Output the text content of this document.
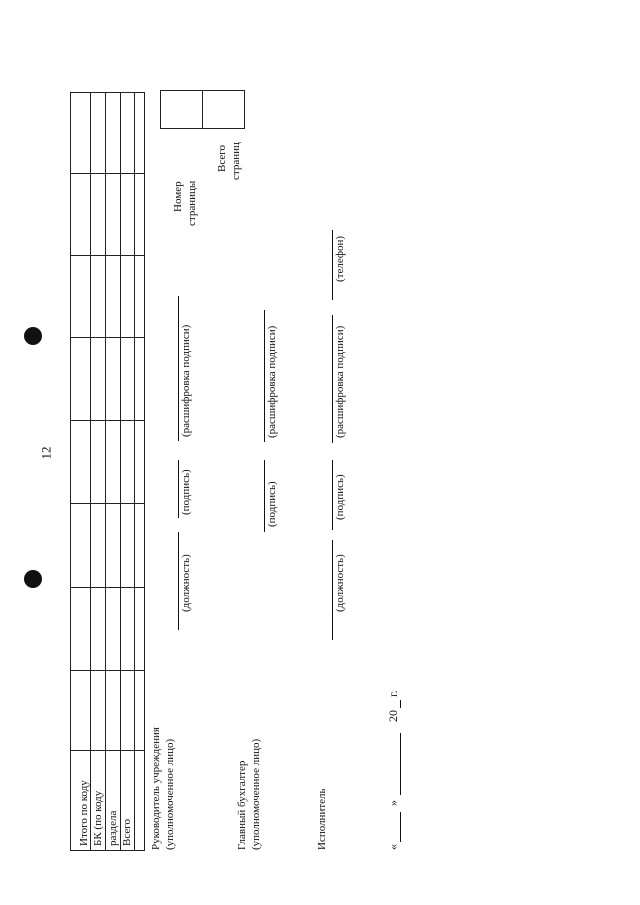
12
Итого по коду БК (по коду раздела Всего
Номер страницы
Всего страниц
Руководитель учреждения (уполномоченное лицо)
(должность)
(подпись)
(расшифровка подписи)
Главный бухгалтер (уполномоченное лицо)
(подпись)
(расшифровка подписи)
Исполнитель
(должность)
(подпись)
(расшифровка подписи)
(телефон)
«
»
20
г.
